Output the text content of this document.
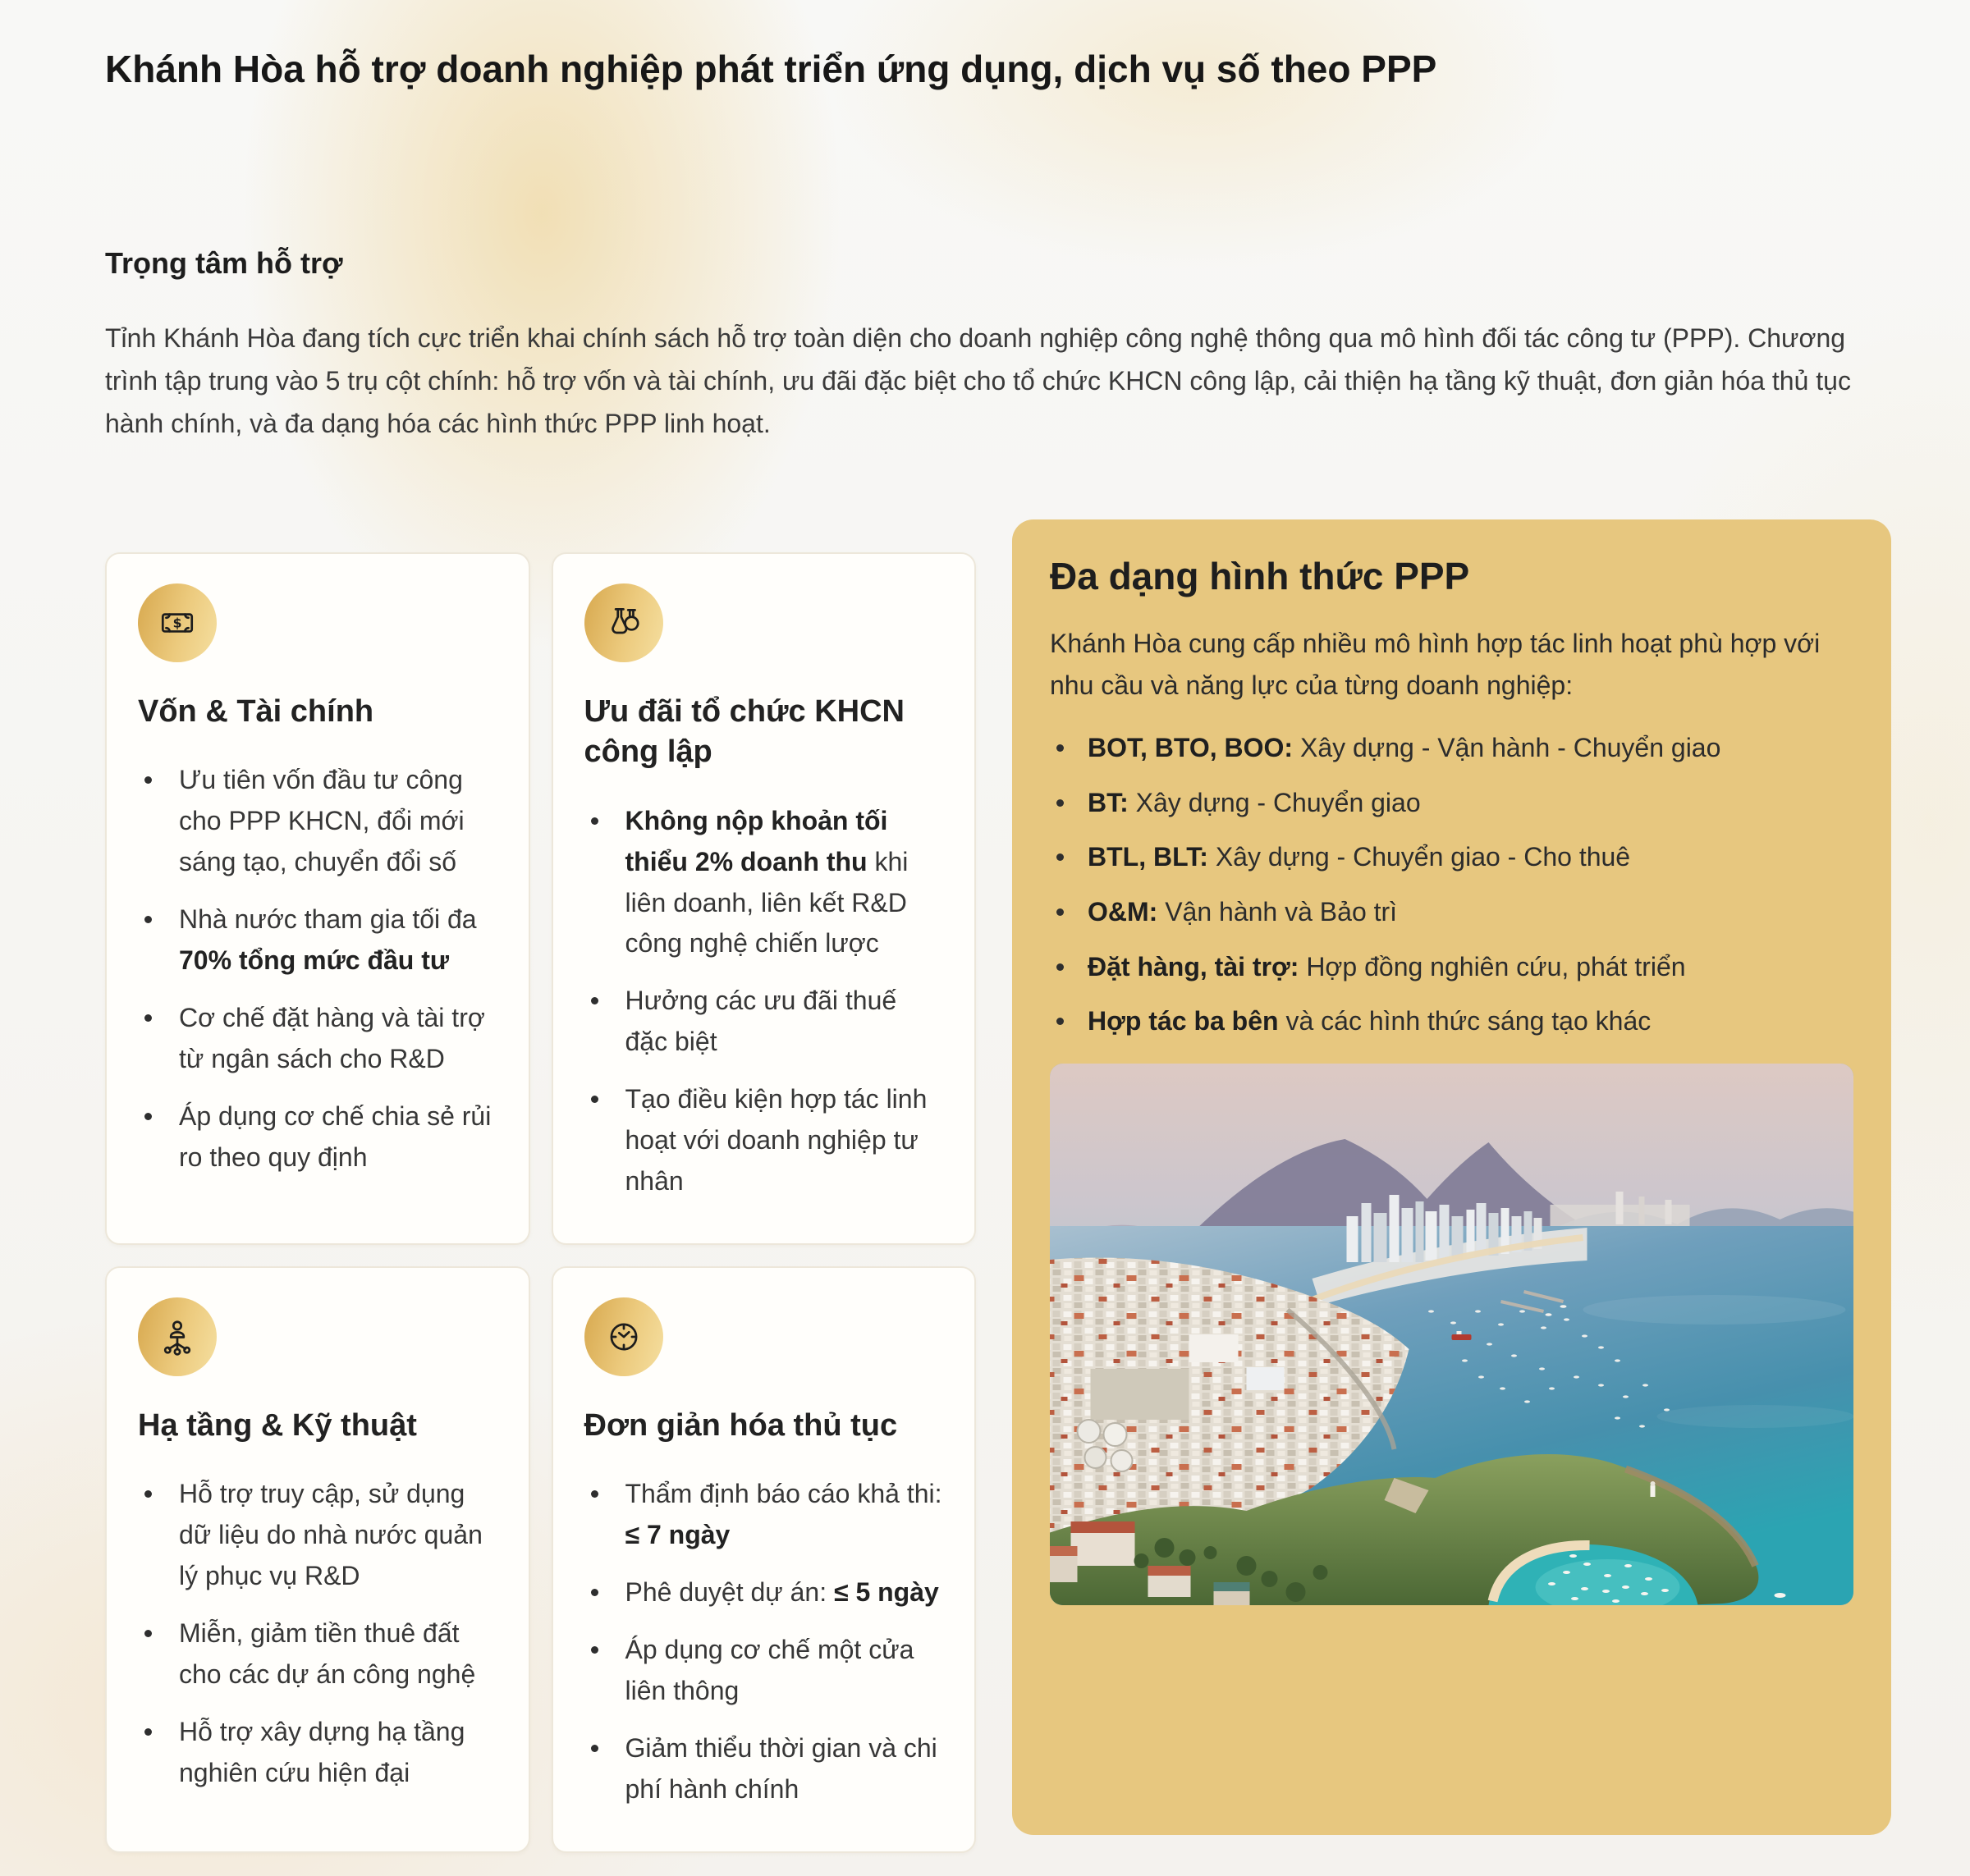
Khánh Hòa hỗ trợ doanh nghiệp phát triển ứng dụng, dịch vụ số theo PPP
Trọng tâm hỗ trợ

Tỉnh Khánh Hòa đang tích cực triển khai chính sách hỗ trợ toàn diện cho doanh nghiệp công nghệ thông qua mô hình đối tác công tư (PPP). Chương trình tập trung vào 5 trụ cột chính: hỗ trợ vốn và tài chính, ưu đãi đặc biệt cho tổ chức KHCN công lập, cải thiện hạ tầng kỹ thuật, đơn giản hóa thủ tục hành chính, và đa dạng hóa các hình thức PPP linh hoạt.

$
Vốn & Tài chính
Ưu tiên vốn đầu tư công cho PPP KHCN, đổi mới sáng tạo, chuyển đổi số
Nhà nước tham gia tối đa 70% tổng mức đầu tư
Cơ chế đặt hàng và tài trợ từ ngân sách cho R&D
Áp dụng cơ chế chia sẻ rủi ro theo quy định
Ưu đãi tổ chức KHCN công lập
Không nộp khoản tối thiểu 2% doanh thu khi liên doanh, liên kết R&D công nghệ chiến lược
Hưởng các ưu đãi thuế đặc biệt
Tạo điều kiện hợp tác linh hoạt với doanh nghiệp tư nhân
Hạ tầng & Kỹ thuật
Hỗ trợ truy cập, sử dụng dữ liệu do nhà nước quản lý phục vụ R&D
Miễn, giảm tiền thuê đất cho các dự án công nghệ
Hỗ trợ xây dựng hạ tầng nghiên cứu hiện đại
Đơn giản hóa thủ tục
Thẩm định báo cáo khả thi: ≤ 7 ngày
Phê duyệt dự án: ≤ 5 ngày
Áp dụng cơ chế một cửa liên thông
Giảm thiểu thời gian và chi phí hành chính
Đa dạng hình thức PPP

Khánh Hòa cung cấp nhiều mô hình hợp tác linh hoạt phù hợp với nhu cầu và năng lực của từng doanh nghiệp:

BOT, BTO, BOO: Xây dựng - Vận hành - Chuyển giao
BT: Xây dựng - Chuyển giao
BTL, BLT: Xây dựng - Chuyển giao - Cho thuê
O&M: Vận hành và Bảo trì
Đặt hàng, tài trợ: Hợp đồng nghiên cứu, phát triển
Hợp tác ba bên và các hình thức sáng tạo khác
